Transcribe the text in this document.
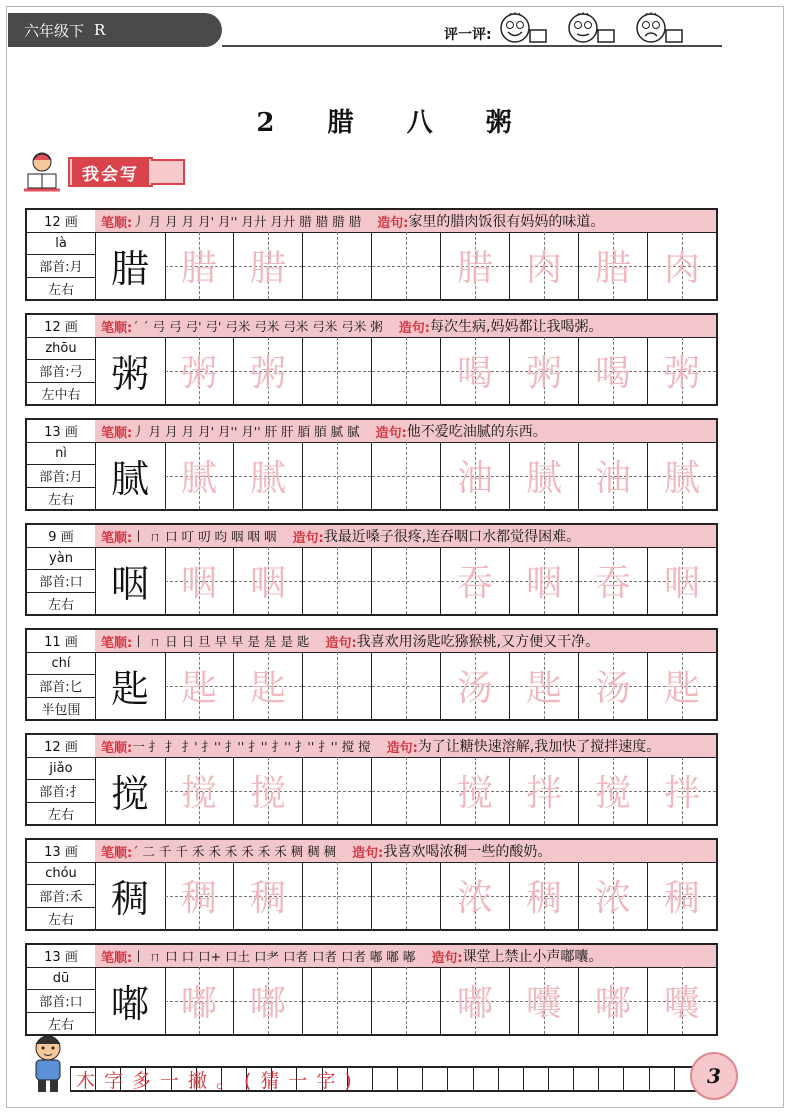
六年级下 R	评一评:
2 腊 八 粥
我会写
12 画
là
部首:月
左右
笔顺: 丿 月 月 月 月' 月'' 月廾 月廾 腊 腊 腊 腊 造句: 家里的腊肉饭很有妈妈的味道。
腊 腊 腊	腊 肉 腊 肉
12 画
zhōu
部首:弓
左中右
笔顺: ˊ ˊ 弓 弓 弓' 弓' 弓米 弓米 弓米 弓米 弓米 粥 造句: 每次生病,妈妈都让我喝粥。
粥 粥 粥	喝 粥 喝 粥
13 画
nì
部首:月
左右
笔顺: 丿 月 月 月 月' 月'' 月'' 肝 肝 脜 脜 腻 腻 造句: 他不爱吃油腻的东西。
腻 腻 腻	油 腻 油 腻
9 画
yàn
部首:口
左右
笔顺: 丨 ㄇ 口 叮 叨 呁 咽 咽 咽 造句: 我最近嗓子很疼,连吞咽口水都觉得困难。
咽 咽 咽	吞 咽 吞 咽
11 画
chí
部首:匕
半包围
笔顺: 丨 ㄇ 日 日 旦 早 早 是 是 是 匙 造句: 我喜欢用汤匙吃猕猴桃,又方便又干净。
匙 匙 匙	汤 匙 汤 匙
12 画
jiǎo
部首:扌
左右
笔顺: 一 扌 扌 扌' 扌'' 扌'' 扌'' 扌'' 扌'' 扌'' 搅 搅 造句: 为了让糖快速溶解,我加快了搅拌速度。
搅 搅 搅	搅 拌 搅 拌
13 画
chóu
部首:禾
左右
笔顺: ˊ 二 千 千 禾 禾 禾 禾 禾 禾 稠 稠 稠 造句: 我喜欢喝浓稠一些的酸奶。
稠 稠 稠	浓 稠 浓 稠
13 画
dū
部首:口
左右
笔顺: 丨 ㄇ 口 口 口+ 口土 口耂 口者 口者 口者 嘟 嘟 嘟 造句: 课堂上禁止小声嘟囔。
嘟 嘟 嘟	嘟 囔 嘟 囔
木字多一撇。(猜一字)	3
